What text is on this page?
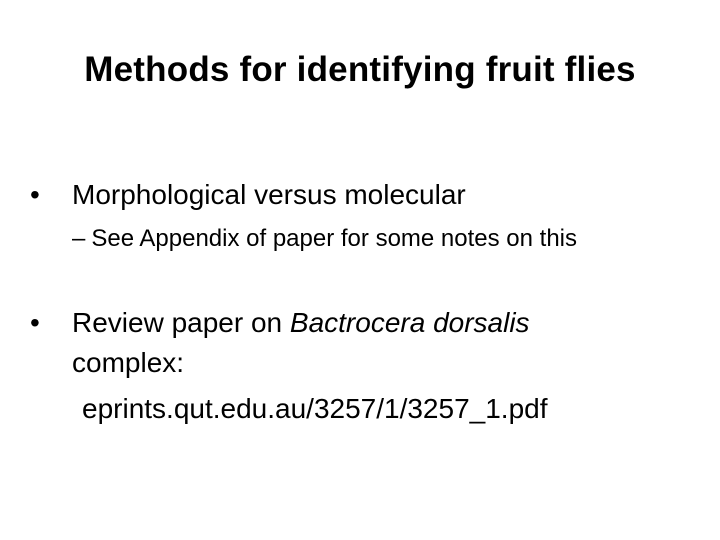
Methods for identifying fruit flies
• Morphological versus molecular
– See Appendix of paper for some notes on this
• Review paper on Bactrocera dorsalis
complex:
eprints.qut.edu.au/3257/1/3257_1.pdf
